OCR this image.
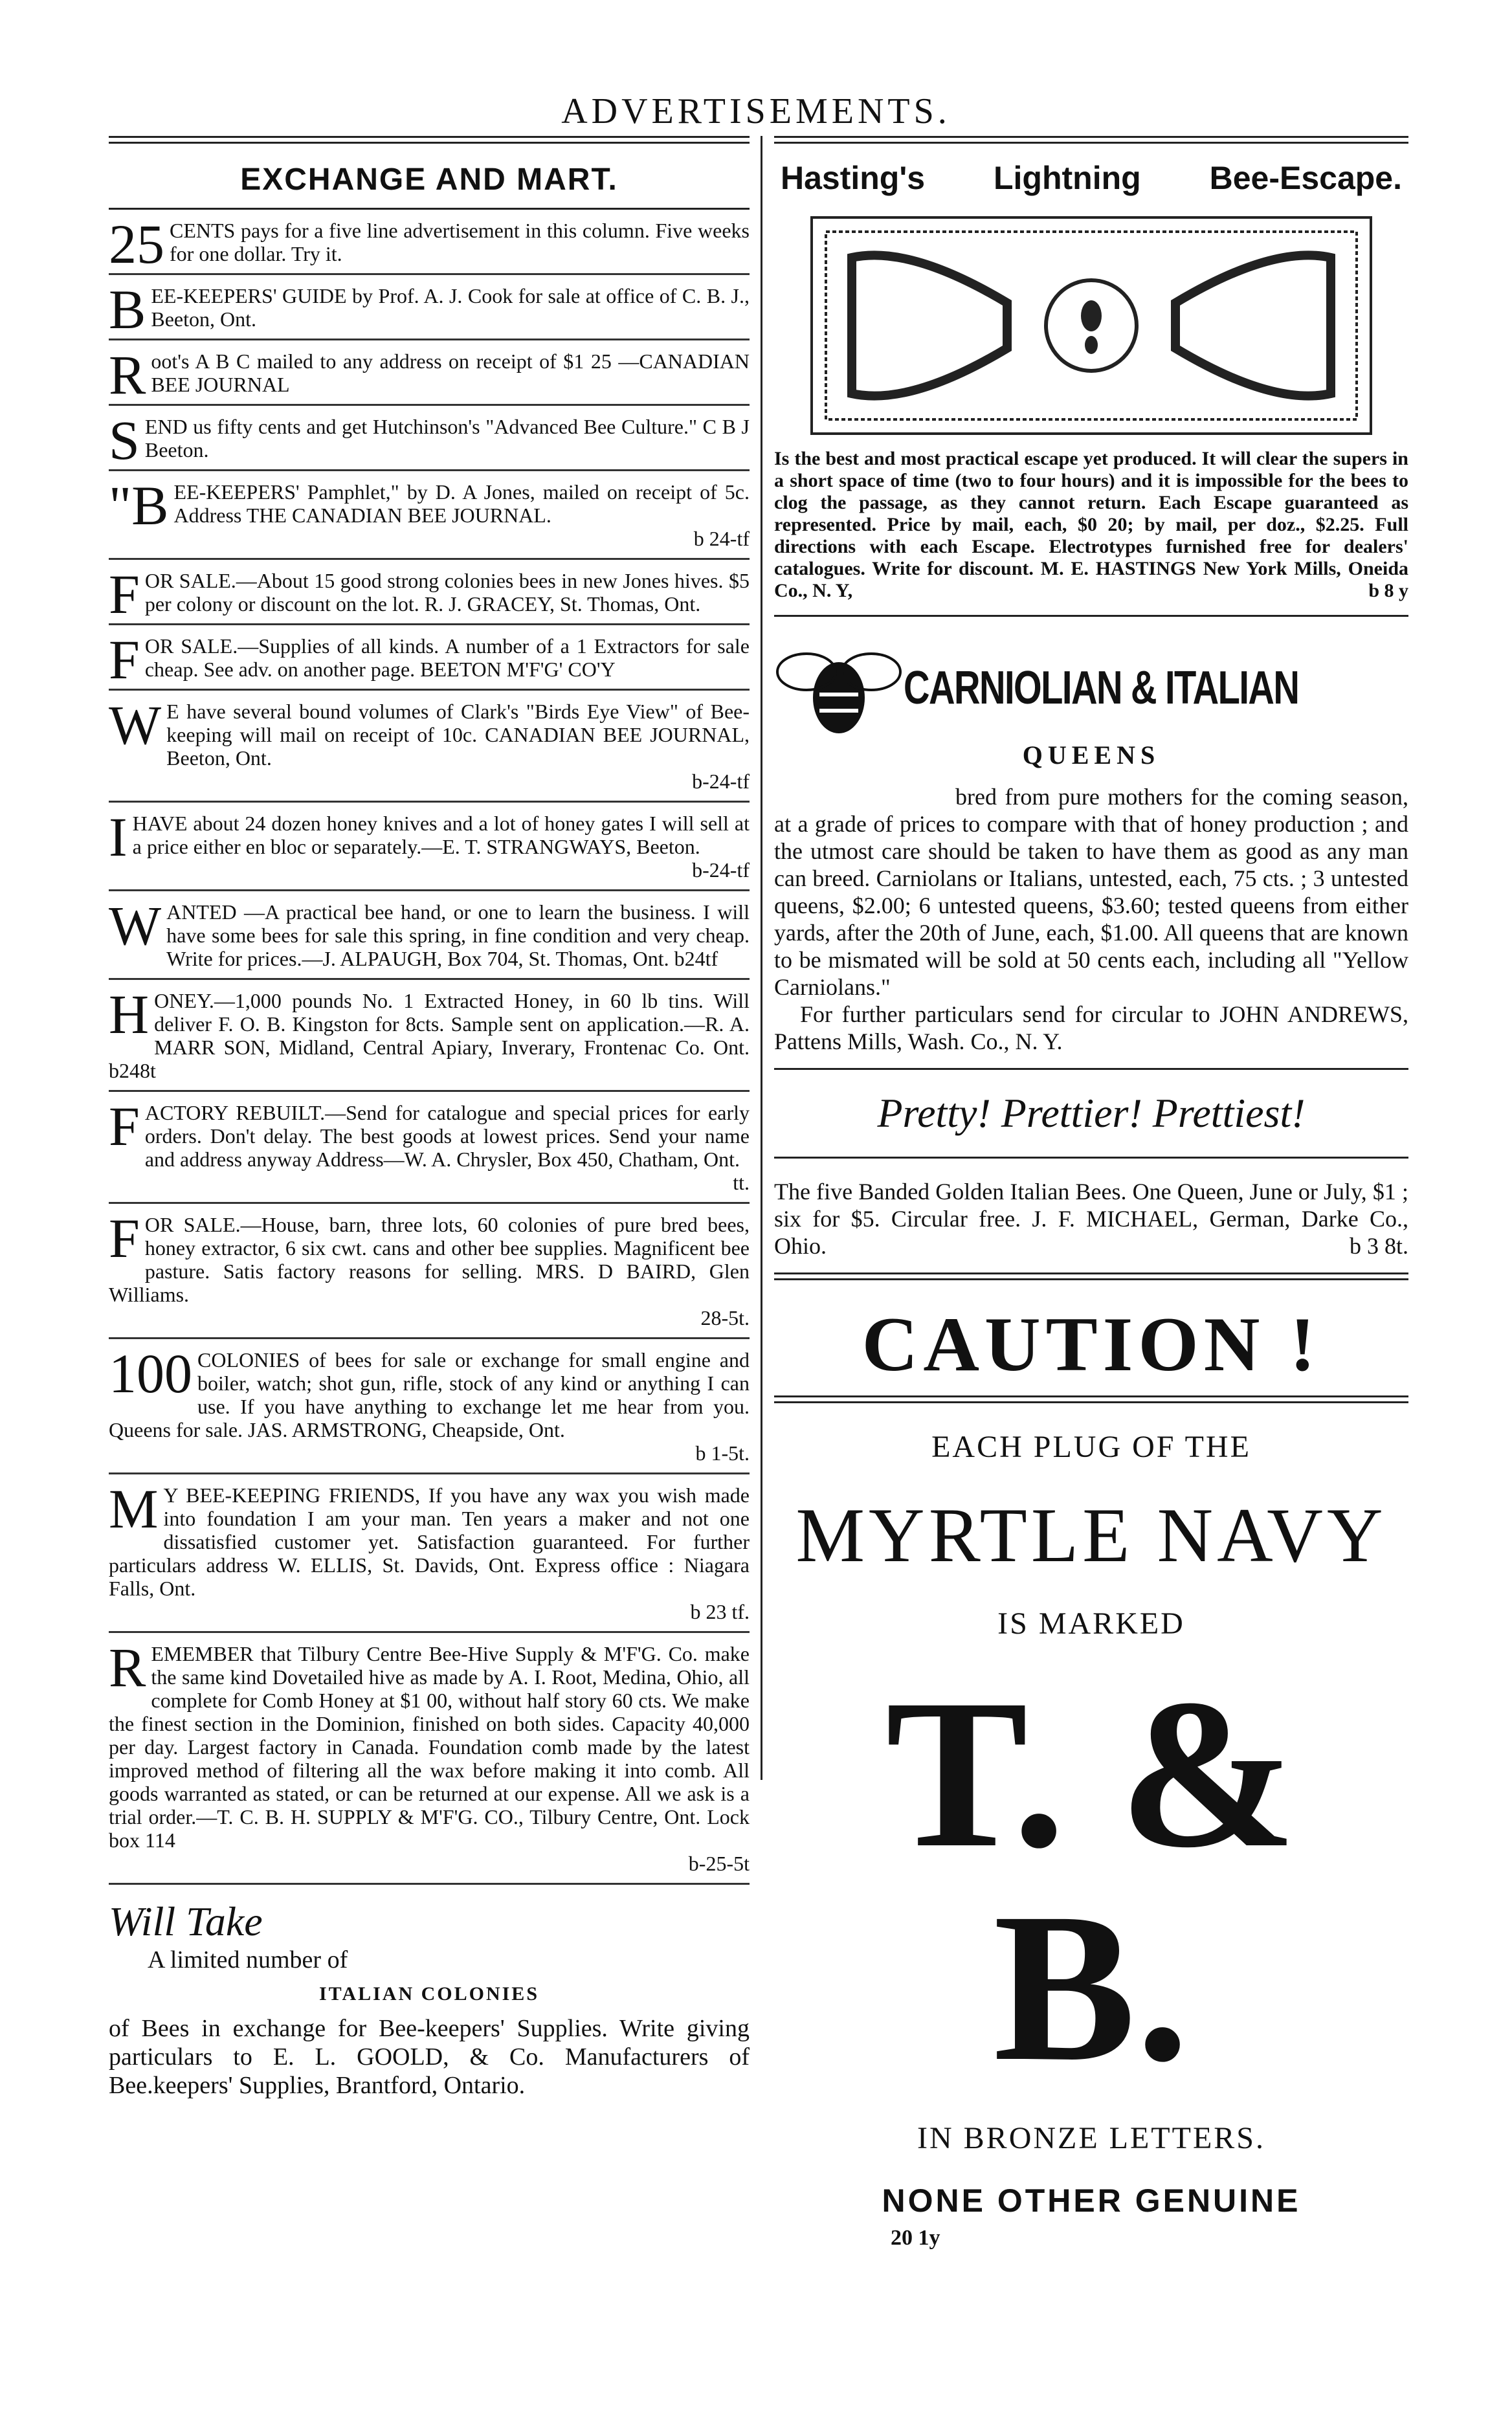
ADVERTISEMENTS.
EXCHANGE AND MART.
25 CENTS pays for a five line advertisement in this column. Five weeks for one dollar. Try it.
BEE-KEEPERS' GUIDE by Prof. A. J. Cook for sale at office of C. B. J., Beeton, Ont.
Root's A B C mailed to any address on receipt of $1 25 —CANADIAN BEE JOURNAL
SEND us fifty cents and get Hutchinson's "Advanced Bee Culture." C B J Beeton.
"BEE-KEEPERS' Pamphlet," by D. A Jones, mailed on receipt of 5c. Address THE CANADIAN BEE JOURNAL.
b 24-tf
FOR SALE.—About 15 good strong colonies bees in new Jones hives. $5 per colony or discount on the lot. R. J. GRACEY, St. Thomas, Ont.
FOR SALE.—Supplies of all kinds. A number of a 1 Extractors for sale cheap. See adv. on another page. BEETON M'F'G' CO'Y
W E have several bound volumes of Clark's "Birds Eye View" of Bee-keeping will mail on receipt of 10c. CANADIAN BEE JOURNAL, Beeton, Ont.
b-24-tf
IHAVE about 24 dozen honey knives and a lot of honey gates I will sell at a price either en bloc or separately.—E. T. STRANGWAYS, Beeton.
b-24-tf
WANTED —A practical bee hand, or one to learn the business. I will have some bees for sale this spring, in fine condition and very cheap. Write for prices.—J. ALPAUGH, Box 704, St. Thomas, Ont. b24tf
HONEY.—1,000 pounds No. 1 Extracted Honey, in 60 lb tins. Will deliver F. O. B. Kingston for 8cts. Sample sent on application.—R. A. MARR SON, Midland, Central Apiary, Inverary, Frontenac Co. Ont. b248t
FACTORY REBUILT.—Send for catalogue and special prices for early orders. Don't delay. The best goods at lowest prices. Send your name and address anyway Address—W. A. Chrysler, Box 450, Chatham, Ont.
tt.
FOR SALE.—House, barn, three lots, 60 colonies of pure bred bees, honey extractor, 6 six cwt. cans and other bee supplies. Magnificent bee pasture. Satis factory reasons for selling. MRS. D BAIRD, Glen Williams.
28-5t.
100 COLONIES of bees for sale or exchange for small engine and boiler, watch; shot gun, rifle, stock of any kind or anything I can use. If you have anything to exchange let me hear from you. Queens for sale. JAS. ARMSTRONG, Cheapside, Ont.
b 1-5t.
M Y BEE-KEEPING FRIENDS, If you have any wax you wish made into foundation I am your man. Ten years a maker and not one dissatisfied customer yet. Satisfaction guaranteed. For further particulars address W. ELLIS, St. Davids, Ont. Express office : Niagara Falls, Ont.
b 23 tf.
REMEMBER that Tilbury Centre Bee-Hive Supply & M'F'G. Co. make the same kind Dovetailed hive as made by A. I. Root, Medina, Ohio, all complete for Comb Honey at $1 00, without half story 60 cts. We make the finest section in the Dominion, finished on both sides. Capacity 40,000 per day. Largest factory in Canada. Foundation comb made by the latest improved method of filtering all the wax before making it into comb. All goods warranted as stated, or can be returned at our expense. All we ask is a trial order.—T. C. B. H. SUPPLY & M'F'G. CO., Tilbury Centre, Ont. Lock box 114
b-25-5t
Will Take
A limited number of
ITALIAN COLONIES
of Bees in exchange for Bee-keepers' Supplies. Write giving particulars to E. L. GOOLD, & Co. Manufacturers of Bee.keepers' Supplies, Brantford, Ontario.
Hasting's Lightning Bee-Escape.
Is the best and most practical escape yet produced. It will clear the supers in a short space of time (two to four hours) and it is impossible for the bees to clog the passage, as they cannot return. Each Escape guaranteed as represented. Price by mail, each, $0 20; by mail, per doz., $2.25. Full directions with each Escape. Electrotypes furnished free for dealers' catalogues. Write for discount. M. E. HASTINGS New York Mills, Oneida Co., N. Y,	b 8 y
CARNIOLIAN & ITALIAN
QUEENS
bred from pure mothers for the coming season, at a grade of prices to compare with that of honey production ; and the utmost care should be taken to have them as good as any man can breed. Carniolans or Italians, untested, each, 75 cts. ; 3 untested queens, $2.00; 6 untested queens, $3.60; tested queens from either yards, after the 20th of June, each, $1.00. All queens that are known to be mismated will be sold at 50 cents each, including all "Yellow Carniolans."
For further particulars send for circular to JOHN ANDREWS, Pattens Mills, Wash. Co., N. Y.
Pretty! Prettier! Prettiest!
The five Banded Golden Italian Bees. One Queen, June or July, $1 ; six for $5. Circular free. J. F. MICHAEL, German, Darke Co., Ohio.	b 3 8t.
CAUTION !
EACH PLUG OF THE
MYRTLE NAVY
IS MARKED
T. & B.
IN BRONZE LETTERS.
NONE OTHER GENUINE
20 1y
